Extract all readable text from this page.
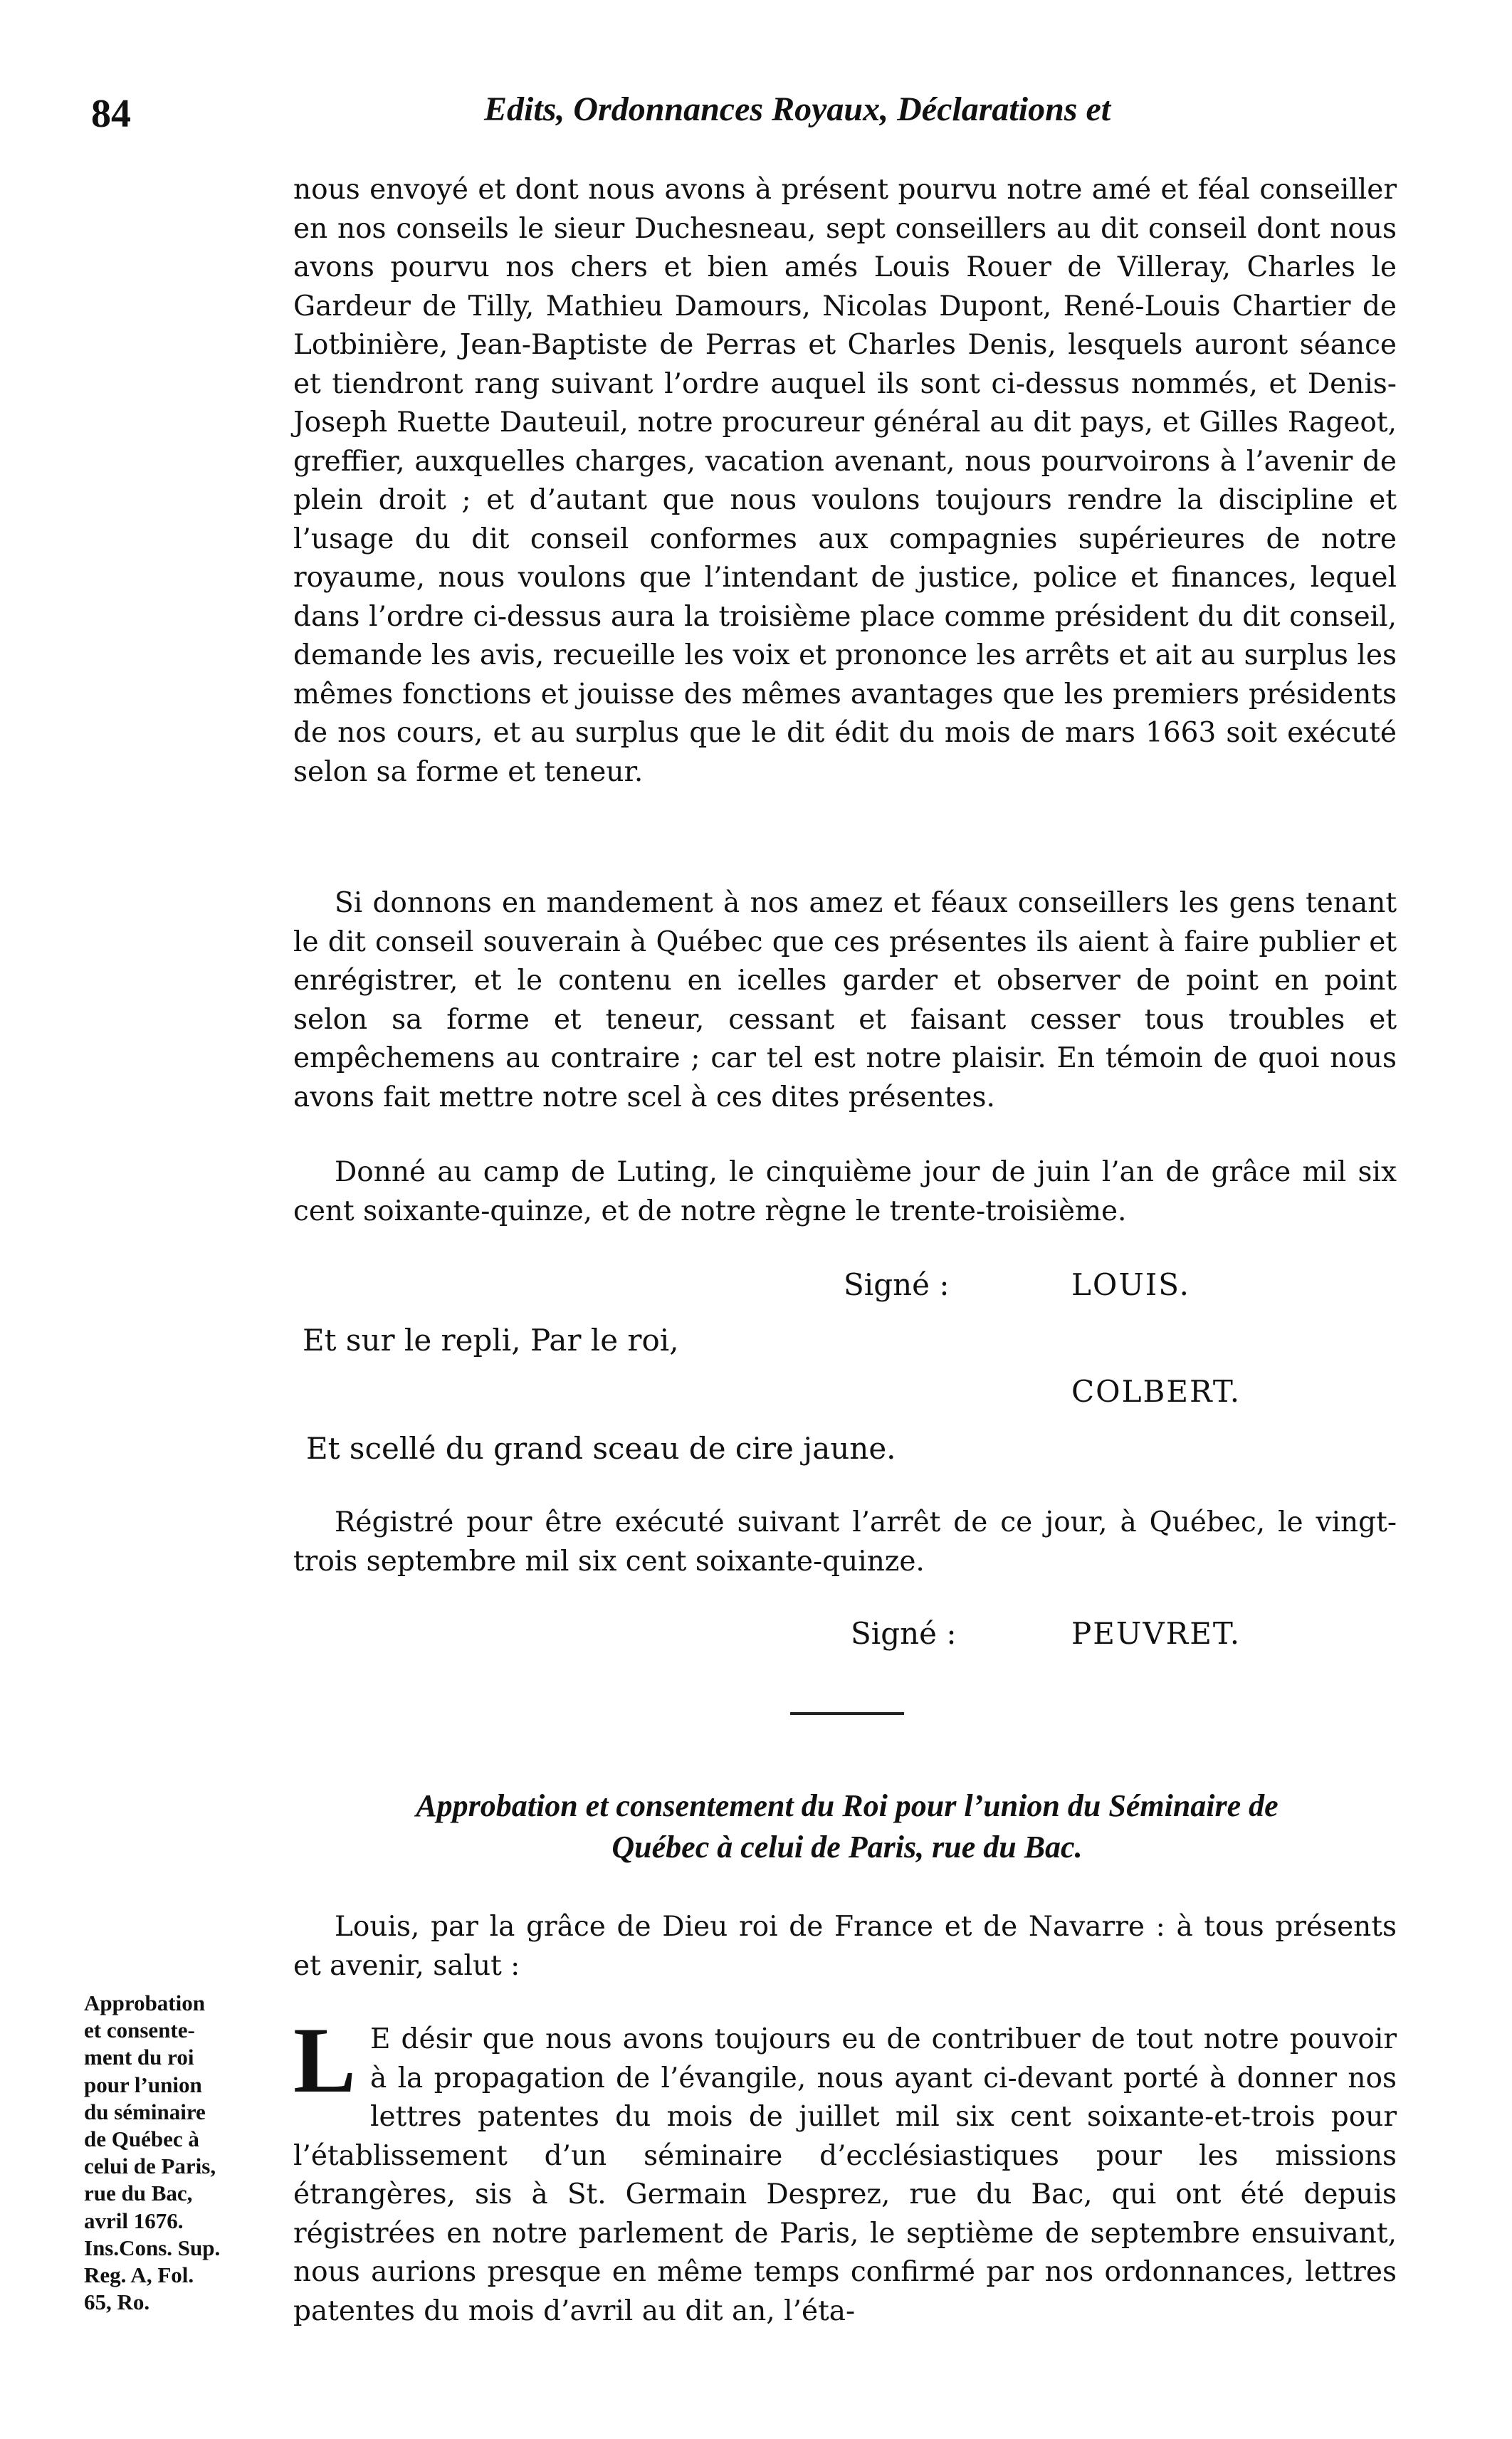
84	Edits, Ordonnances Royaux, Déclarations et

nous envoyé et dont nous avons à présent pourvu notre amé et féal conseiller en nos conseils le sieur Duchesneau, sept conseillers au dit conseil dont nous avons pourvu nos chers et bien amés Louis Rouer de Villeray, Charles le Gardeur de Tilly, Mathieu Damours, Nicolas Dupont, René-Louis Chartier de Lotbinière, Jean-Baptiste de Perras et Charles Denis, lesquels auront séance et tiendront rang suivant l’ordre auquel ils sont ci-dessus nommés, et Denis-Joseph Ruette Dauteuil, notre procureur général au dit pays, et Gilles Rageot, greffier, auxquelles charges, vacation avenant, nous pourvoirons à l’avenir de plein droit ; et d’autant que nous voulons toujours rendre la discipline et l’usage du dit conseil conformes aux compagnies supérieures de notre royaume, nous voulons que l’intendant de justice, police et finances, lequel dans l’ordre ci-dessus aura la troisième place comme président du dit conseil, demande les avis, recueille les voix et prononce les arrêts et ait au surplus les mêmes fonctions et jouisse des mêmes avantages que les premiers présidents de nos cours, et au surplus que le dit édit du mois de mars 1663 soit exécuté selon sa forme et teneur.

Si donnons en mandement à nos amez et féaux conseillers les gens tenant le dit conseil souverain à Québec que ces présentes ils aient à faire publier et enrégistrer, et le contenu en icelles garder et observer de point en point selon sa forme et teneur, cessant et faisant cesser tous troubles et empêchemens au contraire ; car tel est notre plaisir. En témoin de quoi nous avons fait mettre notre scel à ces dites présentes.

Donné au camp de Luting, le cinquième jour de juin l’an de grâce mil six cent soixante-quinze, et de notre règne le trente-troisième.

Signé :	LOUIS.
Et sur le repli, Par le roi,
COLBERT.
Et scellé du grand sceau de cire jaune.

Régistré pour être exécuté suivant l’arrêt de ce jour, à Québec, le vingt-trois septembre mil six cent soixante-quinze.

Signé :	PEUVRET.
Approbation et consentement du Roi pour l’union du Séminaire de
Québec à celui de Paris, rue du Bac.

Louis, par la grâce de Dieu roi de France et de Navarre : à tous présents et avenir, salut :

L E désir que nous avons toujours eu de contribuer de tout notre pouvoir à la propagation de l’évangile, nous ayant ci-devant porté à donner nos lettres patentes du mois de juillet mil six cent soixante-et-trois pour l’établissement d’un séminaire d’ecclésiastiques pour les missions étrangères, sis à St. Germain Desprez, rue du Bac, qui ont été depuis régistrées en notre parlement de Paris, le septième de septembre ensuivant, nous aurions presque en même temps confirmé par nos ordonnances, lettres patentes du mois d’avril au dit an, l’éta-
Approbation
et consente-
ment du roi
pour l’union
du séminaire
de Québec à
celui de Paris,
rue du Bac,
avril 1676.
Ins.Cons. Sup.
Reg. A, Fol.
65, Ro.
